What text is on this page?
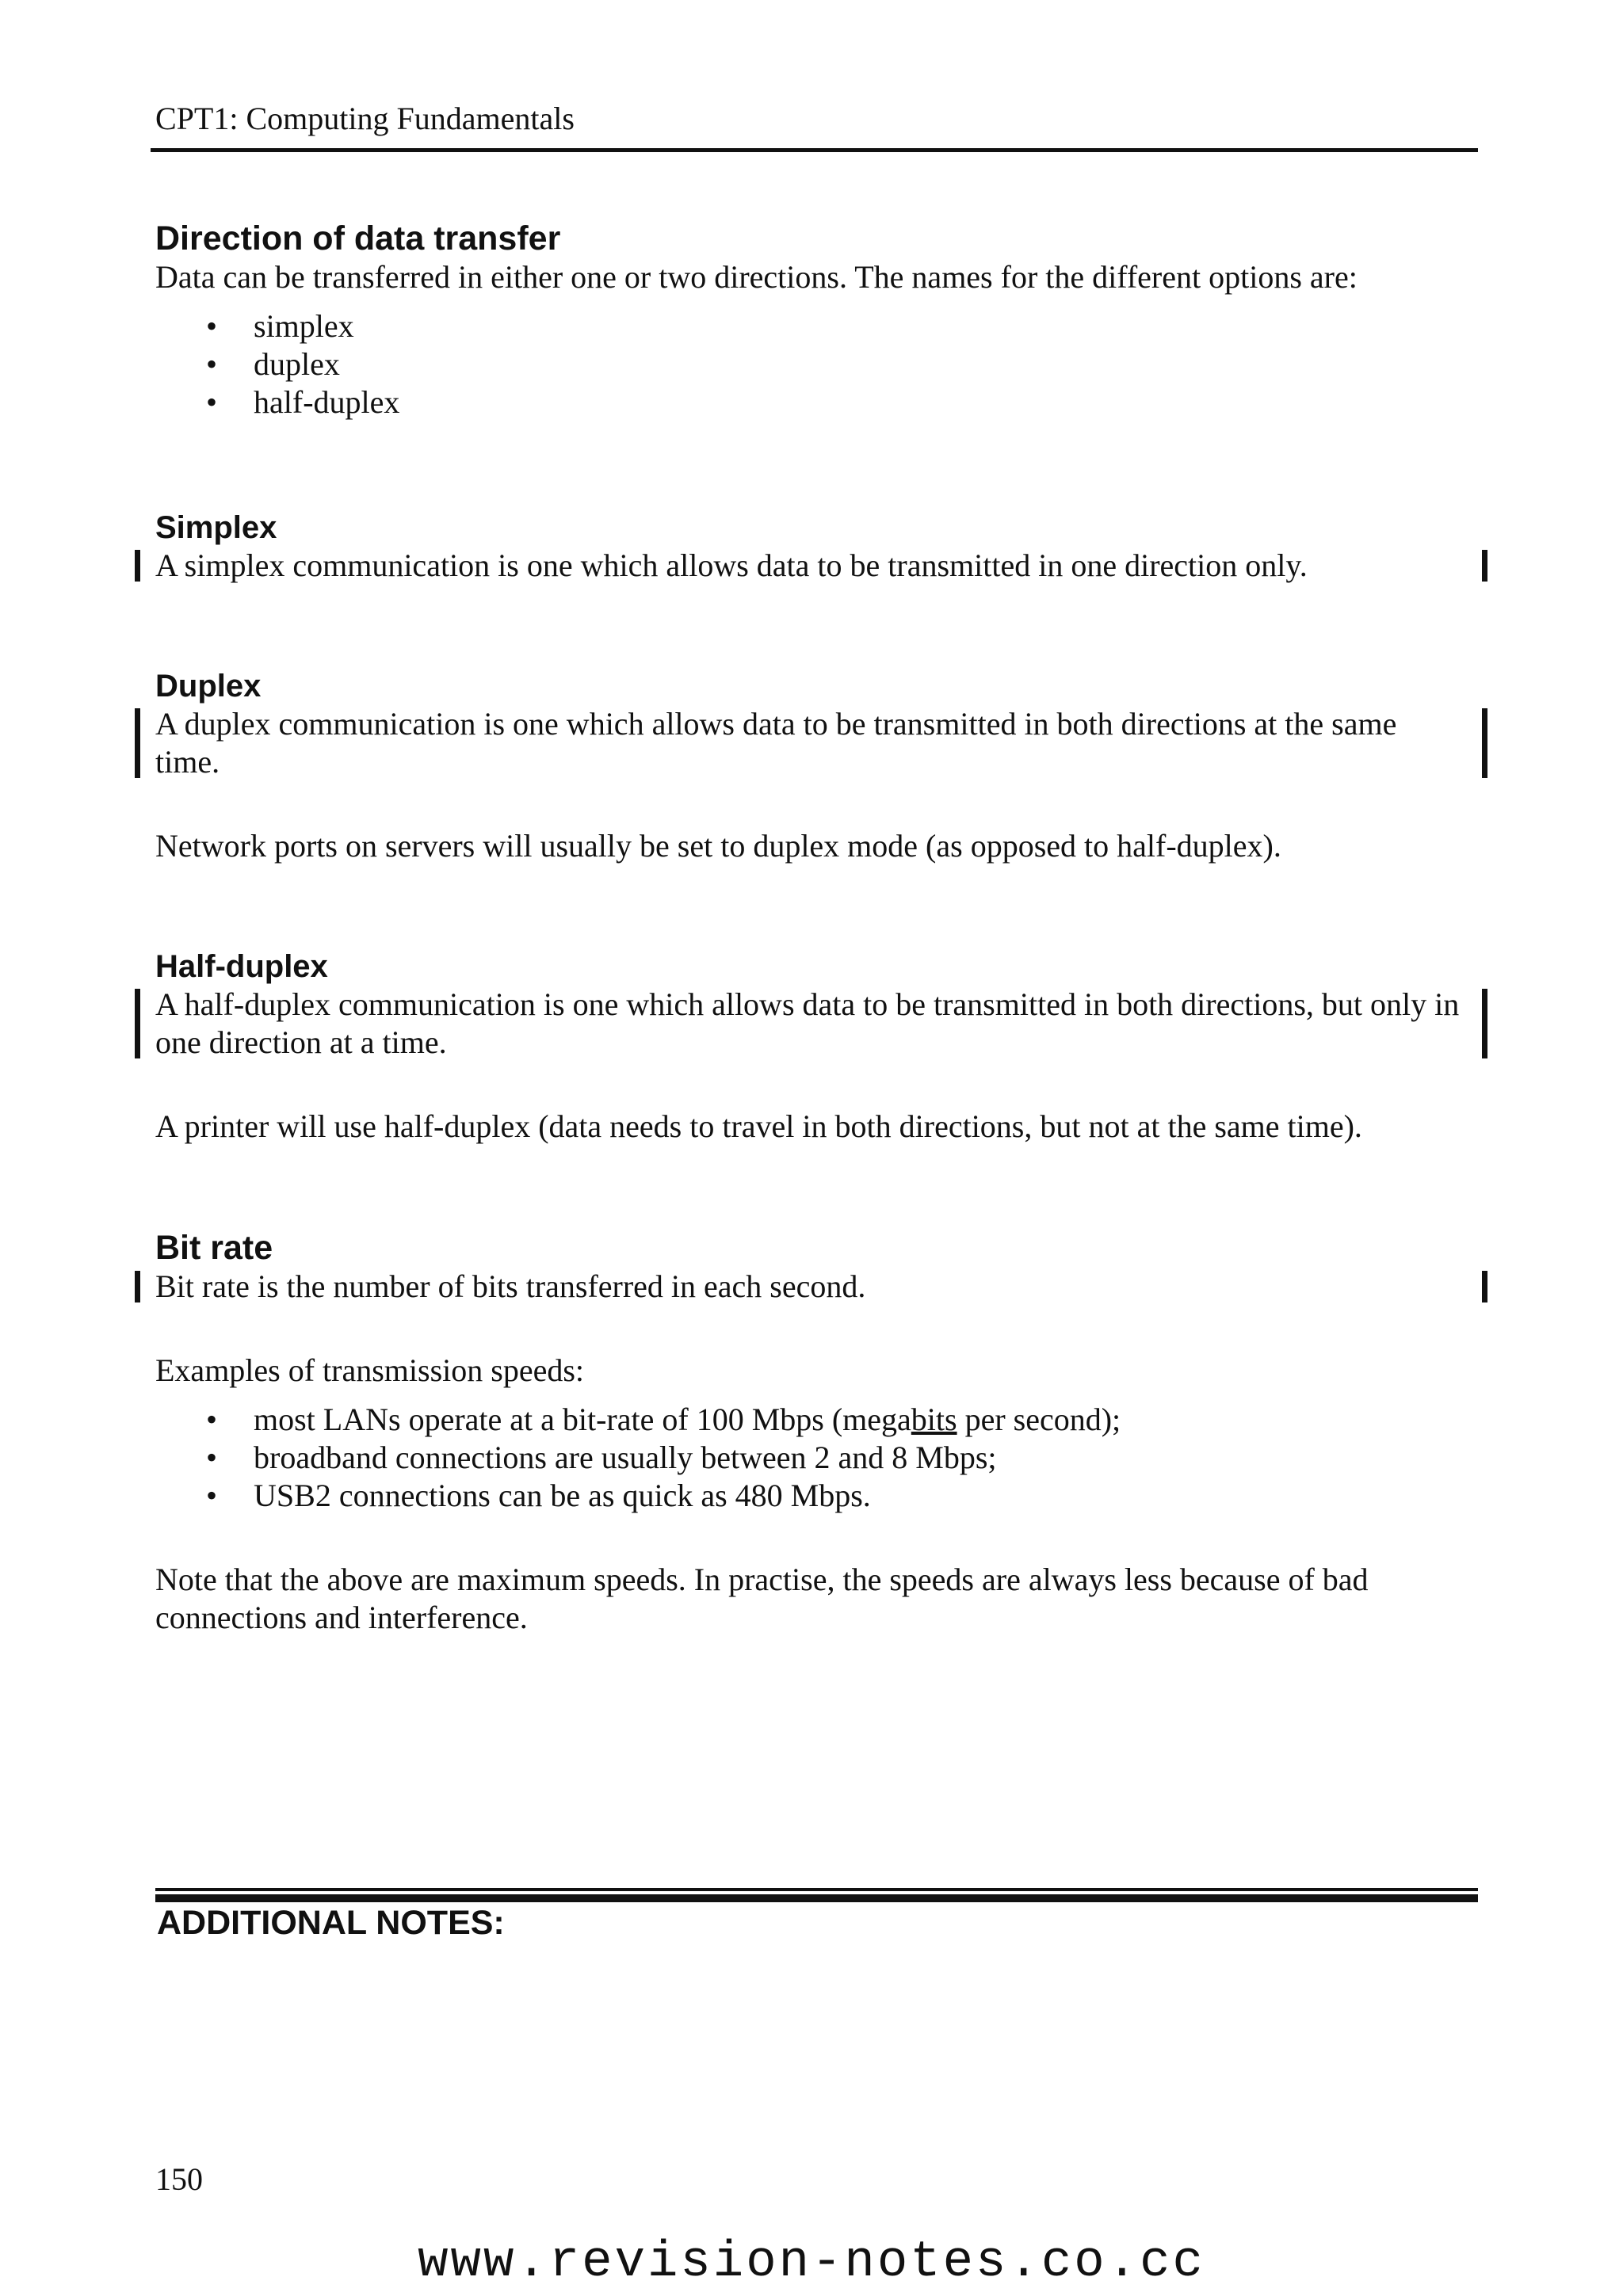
CPT1: Computing Fundamentals
Direction of data transfer

Data can be transferred in either one or two directions. The names for the different options are:

• simplex
• duplex
• half-duplex
Simplex

A simplex communication is one which allows data to be transmitted in one direction only.

Duplex

A duplex communication is one which allows data to be transmitted in both directions at the same time.

Network ports on servers will usually be set to duplex mode (as opposed to half-duplex).

Half-duplex

A half-duplex communication is one which allows data to be transmitted in both directions, but only in one direction at a time.

A printer will use half-duplex (data needs to travel in both directions, but not at the same time).

Bit rate

Bit rate is the number of bits transferred in each second.

Examples of transmission speeds:

• most LANs operate at a bit-rate of 100 Mbps (megabits per second);
• broadband connections are usually between 2 and 8 Mbps;
• USB2 connections can be as quick as 480 Mbps.

Note that the above are maximum speeds. In practise, the speeds are always less because of bad connections and interference.

ADDITIONAL NOTES:
150
www.revision-notes.co.cc
